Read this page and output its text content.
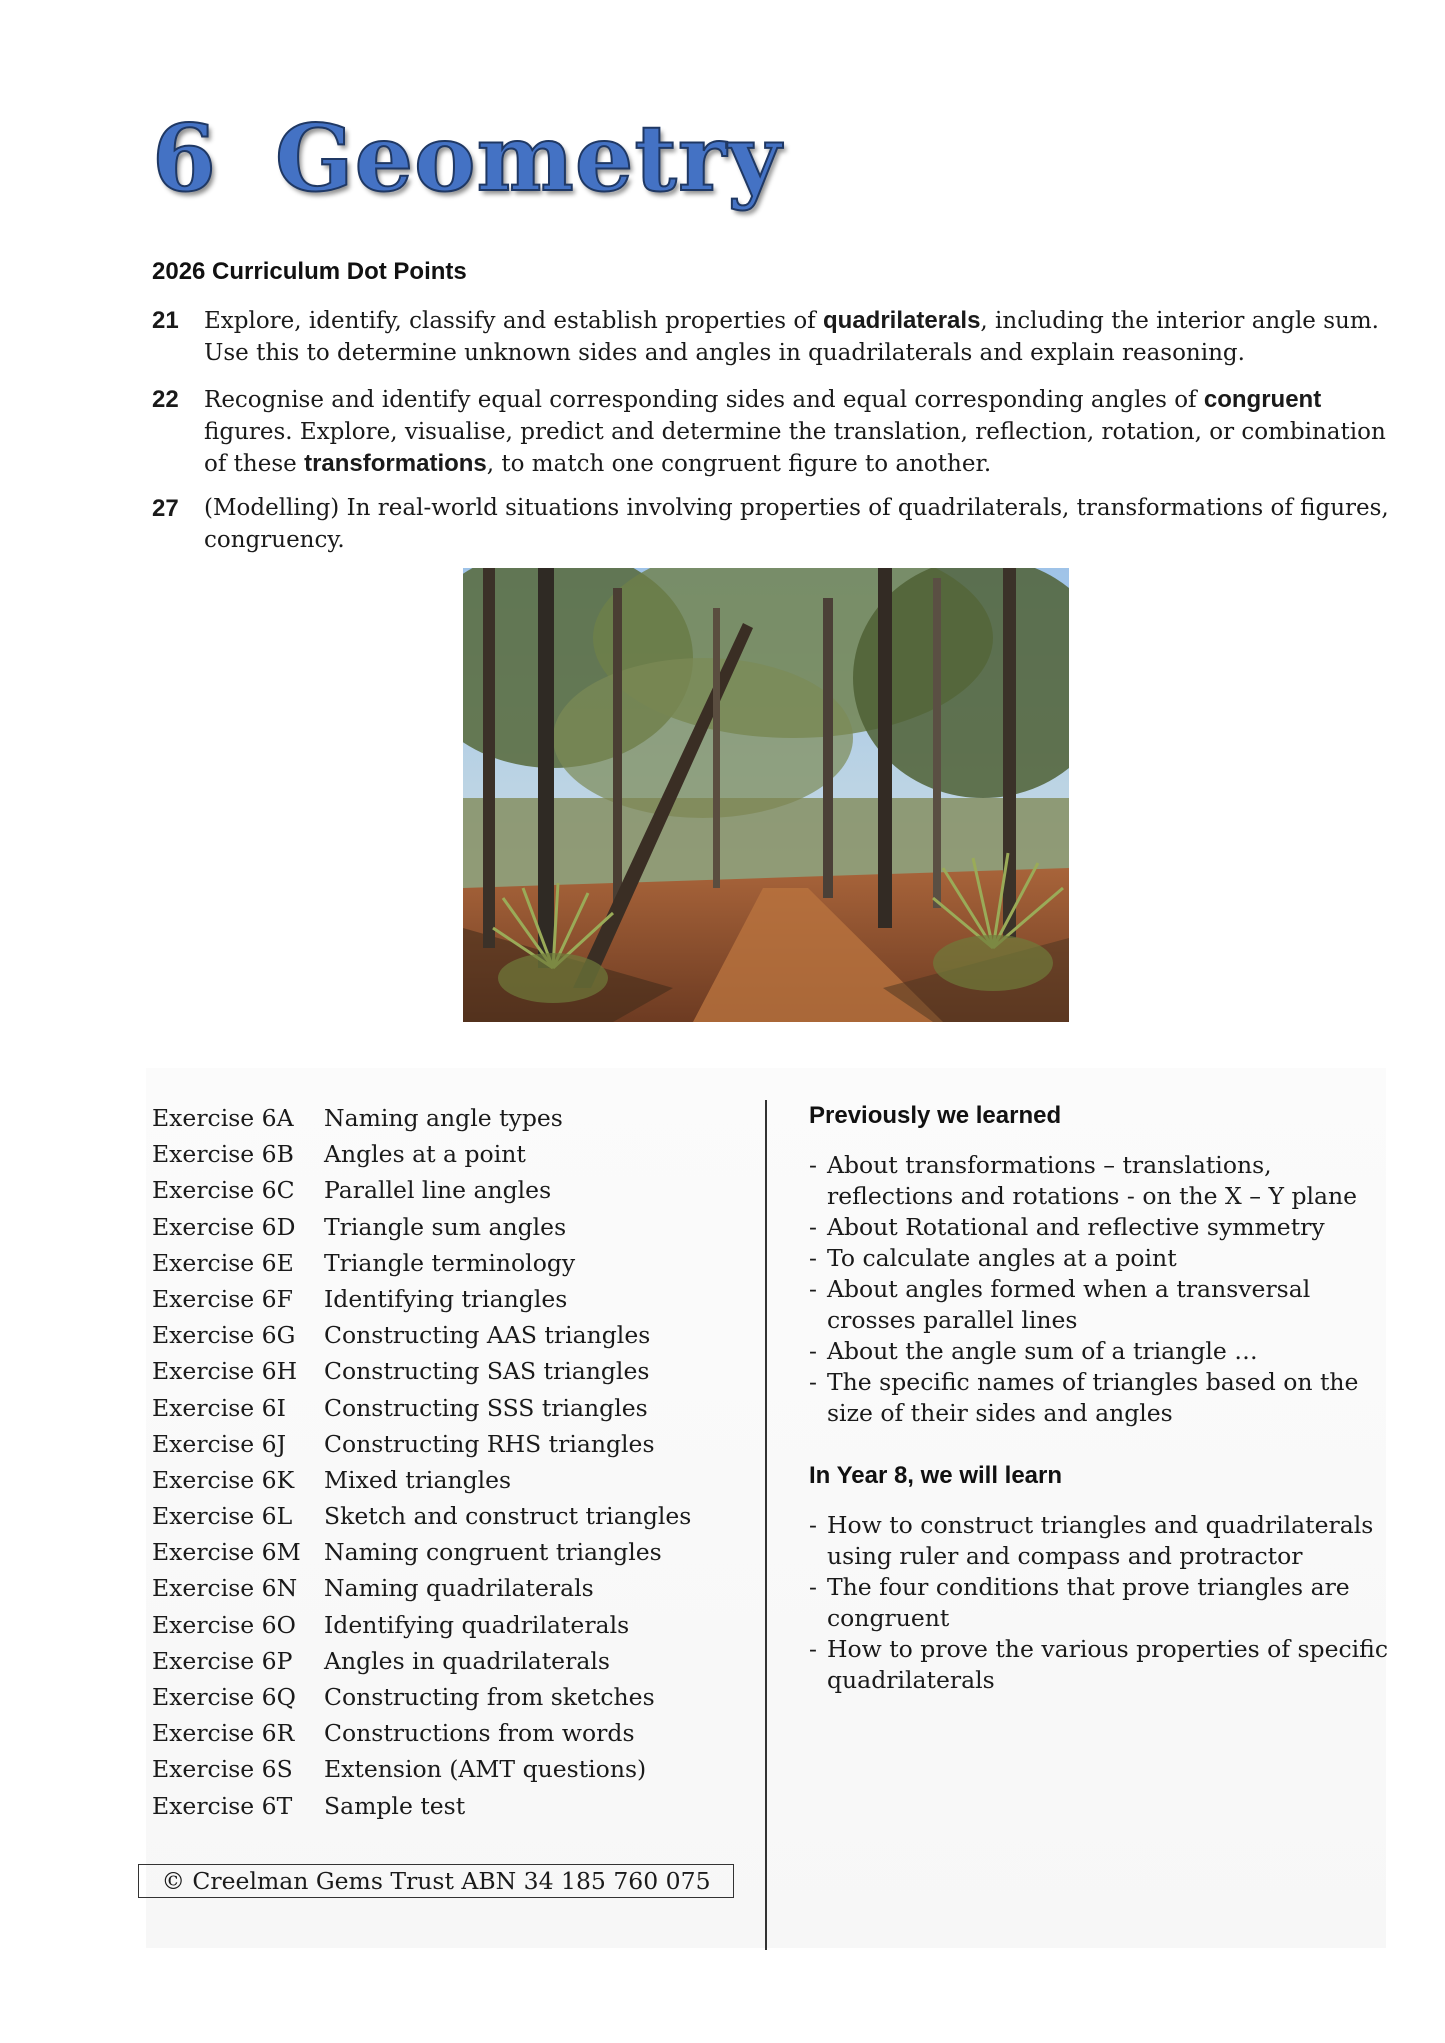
6 Geometry
2026 Curriculum Dot Points
21 Explore, identify, classify and establish properties of quadrilaterals, including the interior angle sum. Use this to determine unknown sides and angles in quadrilaterals and explain reasoning.
22 Recognise and identify equal corresponding sides and equal corresponding angles of congruent figures. Explore, visualise, predict and determine the translation, reflection, rotation, or combination of these transformations, to match one congruent figure to another.
27 (Modelling) In real-world situations involving properties of quadrilaterals, transformations of figures, congruency.
Exercise 6A Naming angle types
Exercise 6B Angles at a point
Exercise 6C Parallel line angles
Exercise 6D Triangle sum angles
Exercise 6E Triangle terminology
Exercise 6F Identifying triangles
Exercise 6G Constructing AAS triangles
Exercise 6H Constructing SAS triangles
Exercise 6I Constructing SSS triangles
Exercise 6J Constructing RHS triangles
Exercise 6K Mixed triangles
Exercise 6L Sketch and construct triangles
Exercise 6M Naming congruent triangles
Exercise 6N Naming quadrilaterals
Exercise 6O Identifying quadrilaterals
Exercise 6P Angles in quadrilaterals
Exercise 6Q Constructing from sketches
Exercise 6R Constructions from words
Exercise 6S Extension (AMT questions)
Exercise 6T Sample test
© Creelman Gems Trust ABN 34 185 760 075
Previously we learned
- About transformations – translations, reflections and rotations - on the X – Y plane
- About Rotational and reflective symmetry
- To calculate angles at a point
- About angles formed when a transversal crosses parallel lines
- About the angle sum of a triangle …
- The specific names of triangles based on the size of their sides and angles
In Year 8, we will learn
- How to construct triangles and quadrilaterals using ruler and compass and protractor
- The four conditions that prove triangles are congruent
- How to prove the various properties of specific quadrilaterals
